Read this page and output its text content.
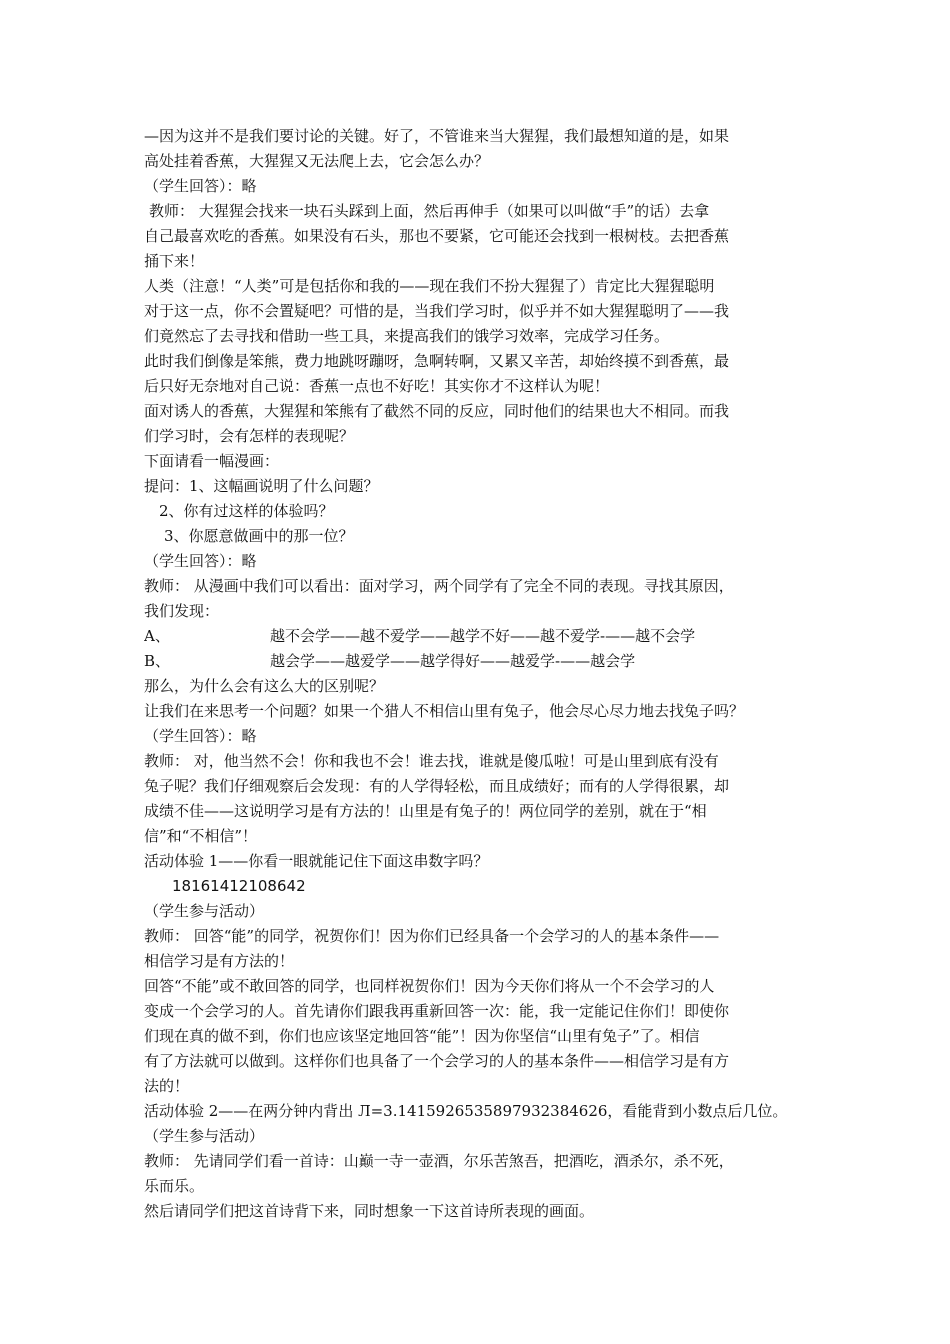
—因为这并不是我们要讨论的关键。好了，不管谁来当大猩猩，我们最想知道的是，如果
高处挂着香蕉，大猩猩又无法爬上去，它会怎么办？
（学生回答）：略
教师： 大猩猩会找来一块石头踩到上面，然后再伸手（如果可以叫做“手”的话）去拿
自己最喜欢吃的香蕉。如果没有石头，那也不要紧，它可能还会找到一根树枝。去把香蕉
捅下来！
人类（注意！“人类”可是包括你和我的——现在我们不扮大猩猩了）肯定比大猩猩聪明
对于这一点，你不会置疑吧？可惜的是，当我们学习时，似乎并不如大猩猩聪明了——我
们竟然忘了去寻找和借助一些工具，来提高我们的饿学习效率，完成学习任务。
此时我们倒像是笨熊，费力地跳呀蹦呀，急啊转啊，又累又辛苦，却始终摸不到香蕉，最
后只好无奈地对自己说：香蕉一点也不好吃！其实你才不这样认为呢！
面对诱人的香蕉，大猩猩和笨熊有了截然不同的反应，同时他们的结果也大不相同。而我
们学习时，会有怎样的表现呢？
下面请看一幅漫画：
提问：1、这幅画说明了什么问题？
2、你有过这样的体验吗？
3、你愿意做画中的那一位？
（学生回答）：略
教师： 从漫画中我们可以看出：面对学习，两个同学有了完全不同的表现。寻找其原因，
我们发现：
A、	越不会学——越不爱学——越学不好——越不爱学-——越不会学
B、	越会学——越爱学——越学得好——越爱学-——越会学
那么，为什么会有这么大的区别呢？
让我们在来思考一个问题？如果一个猎人不相信山里有兔子，他会尽心尽力地去找兔子吗？
（学生回答）：略
教师： 对，他当然不会！你和我也不会！谁去找，谁就是傻瓜啦！可是山里到底有没有
兔子呢？我们仔细观察后会发现：有的人学得轻松，而且成绩好；而有的人学得很累，却
成绩不佳——这说明学习是有方法的！山里是有兔子的！两位同学的差别，就在于“相
信”和“不相信”！
活动体验 1——你看一眼就能记住下面这串数字吗？
18161412108642
（学生参与活动）
教师： 回答“能”的同学，祝贺你们！因为你们已经具备一个会学习的人的基本条件——
相信学习是有方法的！
回答“不能”或不敢回答的同学，也同样祝贺你们！因为今天你们将从一个不会学习的人
变成一个会学习的人。首先请你们跟我再重新回答一次：能，我一定能记住你们！即使你
们现在真的做不到，你们也应该坚定地回答“能”！因为你坚信“山里有兔子”了。相信
有了方法就可以做到。这样你们也具备了一个会学习的人的基本条件——相信学习是有方
法的！
活动体验 2——在两分钟内背出 Л=3.1415926535897932384626，看能背到小数点后几位。
（学生参与活动）
教师： 先请同学们看一首诗：山巅一寺一壶酒，尔乐苦煞吾，把酒吃，酒杀尔，杀不死，
乐而乐。
然后请同学们把这首诗背下来，同时想象一下这首诗所表现的画面。
